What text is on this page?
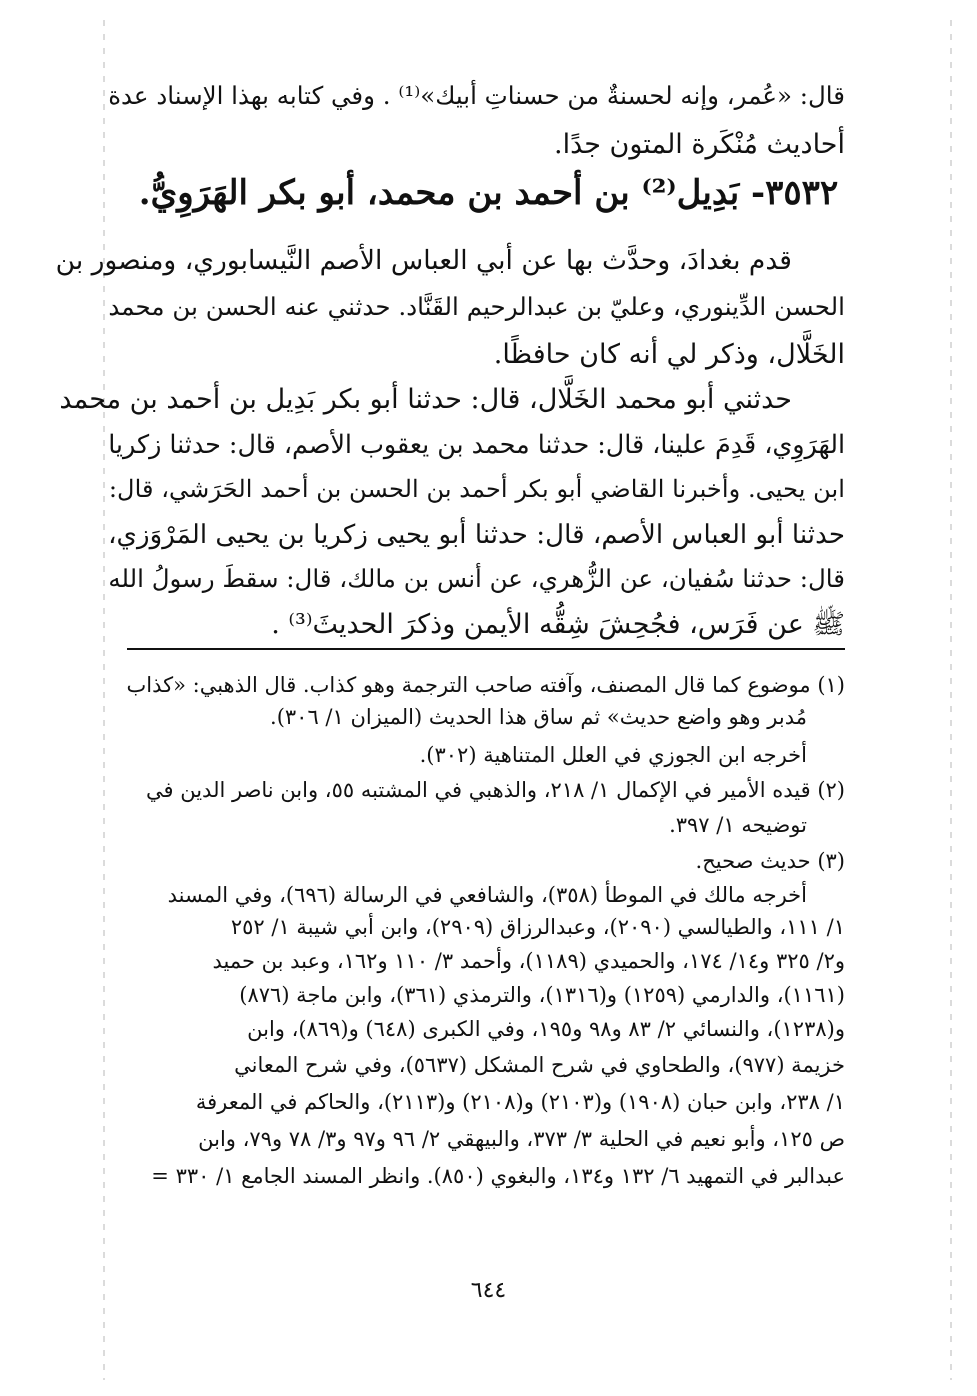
قال: «عُمر، وإنه لحسنةٌ من حسناتِ أبيك»⁽¹⁾ . وفي كتابه بهذا الإسناد عدة
أحاديث مُنْكَرة المتون جدًا.
٣٥٣٢- بَدِيل⁽²⁾ بن أحمد بن محمد، أبو بكر الهَرَوِيُّ.
قدم بغدادَ، وحدَّث بها عن أبي العباس الأصم النَّيسابوري، ومنصور بن
الحسن الدِّينوري، وعليّ بن عبدالرحيم القَنَّاد. حدثني عنه الحسن بن محمد
الخَلَّال، وذكر لي أنه كان حافظًا.
حدثني أبو محمد الخَلَّال، قال: حدثنا أبو بكر بَدِيل بن أحمد بن محمد
الهَرَوِي، قَدِمَ علينا، قال: حدثنا محمد بن يعقوب الأصم، قال: حدثنا زكريا
ابن يحيى. وأخبرنا القاضي أبو بكر أحمد بن الحسن بن أحمد الحَرَشي، قال:
حدثنا أبو العباس الأصم، قال: حدثنا أبو يحيى زكريا بن يحيى المَرْوَزي،
قال: حدثنا سُفيان، عن الزُّهري، عن أنس بن مالك، قال: سقطَ رسولُ الله
ﷺ عن فَرَس، فجُحِشَ شِقُّه الأيمن وذكرَ الحديثَ⁽³⁾ .
(١) موضوع كما قال المصنف، وآفته صاحب الترجمة وهو كذاب. قال الذهبي: «كذاب
مُدبر وهو واضع حديث» ثم ساق هذا الحديث (الميزان ١/ ٣٠٦).
أخرجه ابن الجوزي في العلل المتناهية (٣٠٢).
(٢) قيده الأمير في الإكمال ١/ ٢١٨، والذهبي في المشتبه ٥٥، وابن ناصر الدين في
توضيحه ١/ ٣٩٧.
(٣) حديث صحيح.
أخرجه مالك في الموطأ (٣٥٨)، والشافعي في الرسالة (٦٩٦)، وفي المسند
١/ ١١١، والطيالسي (٢٠٩٠)، وعبدالرزاق (٢٩٠٩)، وابن أبي شيبة ١/ ٢٥٢
و٢/ ٣٢٥ و١٤/ ١٧٤، والحميدي (١١٨٩)، وأحمد ٣/ ١١٠ و١٦٢، وعبد بن حميد
(١١٦١)، والدارمي (١٢٥٩) و(١٣١٦)، والترمذي (٣٦١)، وابن ماجة (٨٧٦)
و(١٢٣٨)، والنسائي ٢/ ٨٣ و٩٨ و١٩٥، وفي الكبرى (٦٤٨) و(٨٦٩)، وابن
خزيمة (٩٧٧)، والطحاوي في شرح المشكل (٥٦٣٧)، وفي شرح المعاني
١/ ٢٣٨، وابن حبان (١٩٠٨) و(٢١٠٣) و(٢١٠٨) و(٢١١٣)، والحاكم في المعرفة
ص ١٢٥، وأبو نعيم في الحلية ٣/ ٣٧٣، والبيهقي ٢/ ٩٦ و٩٧ و٣/ ٧٨ و٧٩، وابن
عبدالبر في التمهيد ٦/ ١٣٢ و١٣٤، والبغوي (٨٥٠). وانظر المسند الجامع ١/ ٣٣٠ =
٦٤٤
